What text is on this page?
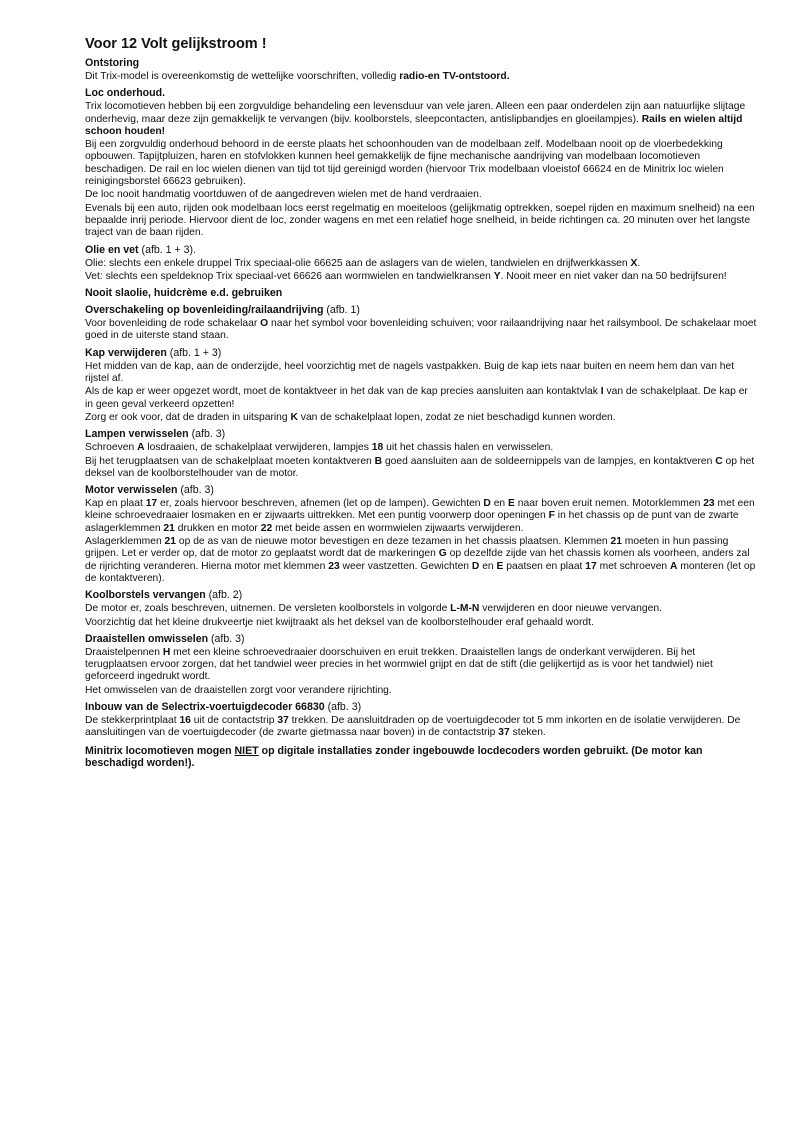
Voor 12 Volt gelijkstroom !
Ontstoring
Dit Trix-model is overeenkomstig de wettelijke voorschriften, volledig radio-en TV-ontstoord.
Loc onderhoud.
Trix locomotieven hebben bij een zorgvuldige behandeling een levensduur van vele jaren. Alleen een paar onderdelen zijn aan natuurlijke slijtage onderhevig, maar deze zijn gemakkelijk te vervangen (bijv. koolborstels, sleepcontacten, antislipbandjes en gloeilampjes). Rails en wielen altijd schoon houden!
Bij een zorgvuldig onderhoud behoord in de eerste plaats het schoonhouden van de modelbaan zelf. Modelbaan nooit op de vloerbedekking opbouwen. Tapijtpluizen, haren en stofvlokken kunnen heel gemakkelijk de fijne mechanische aandrijving van modelbaan locomotieven beschadigen. De rail en loc wielen dienen van tijd tot tijd gereinigd worden (hiervoor Trix modelbaan vloeistof 66624 en de Minitrix loc wielen reinigingsborstel 66623 gebruiken).
De loc nooit handmatig voortduwen of de aangedreven wielen met de hand verdraaien.
Evenals bij een auto, rijden ook modelbaan locs eerst regelmatig en moeiteloos (gelijkmatig optrekken, soepel rijden en maximum snelheid) na een bepaalde inrij periode. Hiervoor dient de loc, zonder wagens en met een relatief hoge snelheid, in beide richtingen ca. 20 minuten over het langste traject van de baan rijden.
Olie en vet (afb. 1 + 3).
Olie: slechts een enkele druppel Trix speciaal-olie 66625 aan de aslagers van de wielen, tandwielen en drijfwerkkassen X.
Vet: slechts een speldeknop Trix speciaal-vet 66626 aan wormwielen en tandwielkransen Y. Nooit meer en niet vaker dan na 50 bedrijfsuren!
Nooit slaolie, huidcrème e.d. gebruiken
Overschakeling op bovenleiding/railaandrijving (afb. 1)
Voor bovenleiding de rode schakelaar O naar het symbol voor bovenleiding schuiven; voor railaandrijving naar het railsymbool. De schakelaar moet goed in de uiterste stand staan.
Kap verwijderen (afb. 1 + 3)
Het midden van de kap, aan de onderzijde, heel voorzichtig met de nagels vastpakken. Buig de kap iets naar buiten en neem hem dan van het rijstel af.
Als de kap er weer opgezet wordt, moet de kontaktveer in het dak van de kap precies aansluiten aan kontaktvlak I van de schakelplaat. De kap er in geen geval verkeerd opzetten!
Zorg er ook voor, dat de draden in uitsparing K van de schakelplaat lopen, zodat ze niet beschadigd kunnen worden.
Lampen verwisselen (afb. 3)
Schroeven A losdraaien, de schakelplaat verwijderen, lampjes 18 uit het chassis halen en verwisselen.
Bij het terugplaatsen van de schakelplaat moeten kontaktveren B goed aansluiten aan de soldeernippels van de lampjes, en kontaktveren C op het deksel van de koolborstelhouder van de motor.
Motor verwisselen (afb. 3)
Kap en plaat 17 er, zoals hiervoor beschreven, afnemen (let op de lampen). Gewichten D en E naar boven eruit nemen. Motorklemmen 23 met een kleine schroevedraaier losmaken en er zijwaarts uittrekken. Met een puntig voorwerp door openingen F in het chassis op de punt van de zwarte aslagerklemmen 21 drukken en motor 22 met beide assen en wormwielen zijwaarts verwijderen.
Aslagerklemmen 21 op de as van de nieuwe motor bevestigen en deze tezamen in het chassis plaatsen. Klemmen 21 moeten in hun passing grijpen. Let er verder op, dat de motor zo geplaatst wordt dat de markeringen G op dezelfde zijde van het chassis komen als voorheen, anders zal de rijrichting veranderen. Hierna motor met klemmen 23 weer vastzetten. Gewichten D en E paatsen en plaat 17 met schroeven A monteren (let op de kontaktveren).
Koolborstels vervangen (afb. 2)
De motor er, zoals beschreven, uitnemen. De versleten koolborstels in volgorde L-M-N verwijderen en door nieuwe vervangen.
Voorzichtig dat het kleine drukveertje niet kwijtraakt als het deksel van de koolborstelhouder eraf gehaald wordt.
Draaistellen omwisselen (afb. 3)
Draaistelpennen H met een kleine schroevedraaier doorschuiven en eruit trekken. Draaistellen langs de onderkant verwijderen. Bij het terugplaatsen ervoor zorgen, dat het tandwiel weer precies in het wormwiel grijpt en dat de stift (die gelijkertijd as is voor het tandwiel) niet geforceerd ingedrukt wordt.
Het omwisselen van de draaistellen zorgt voor verandere rijrichting.
Inbouw van de Selectrix-voertuigdecoder 66830 (afb. 3)
De stekkerprintplaat 16 uit de contactstrip 37 trekken. De aansluitdraden op de voertuigdecoder tot 5 mm inkorten en de isolatie verwijderen. De aansluitingen van de voertuigdecoder (de zwarte gietmassa naar boven) in de contactstrip 37 steken.
Minitrix locomotieven mogen NIET op digitale installaties zonder ingebouwde locdecoders worden gebruikt. (De motor kan beschadigd worden!).
